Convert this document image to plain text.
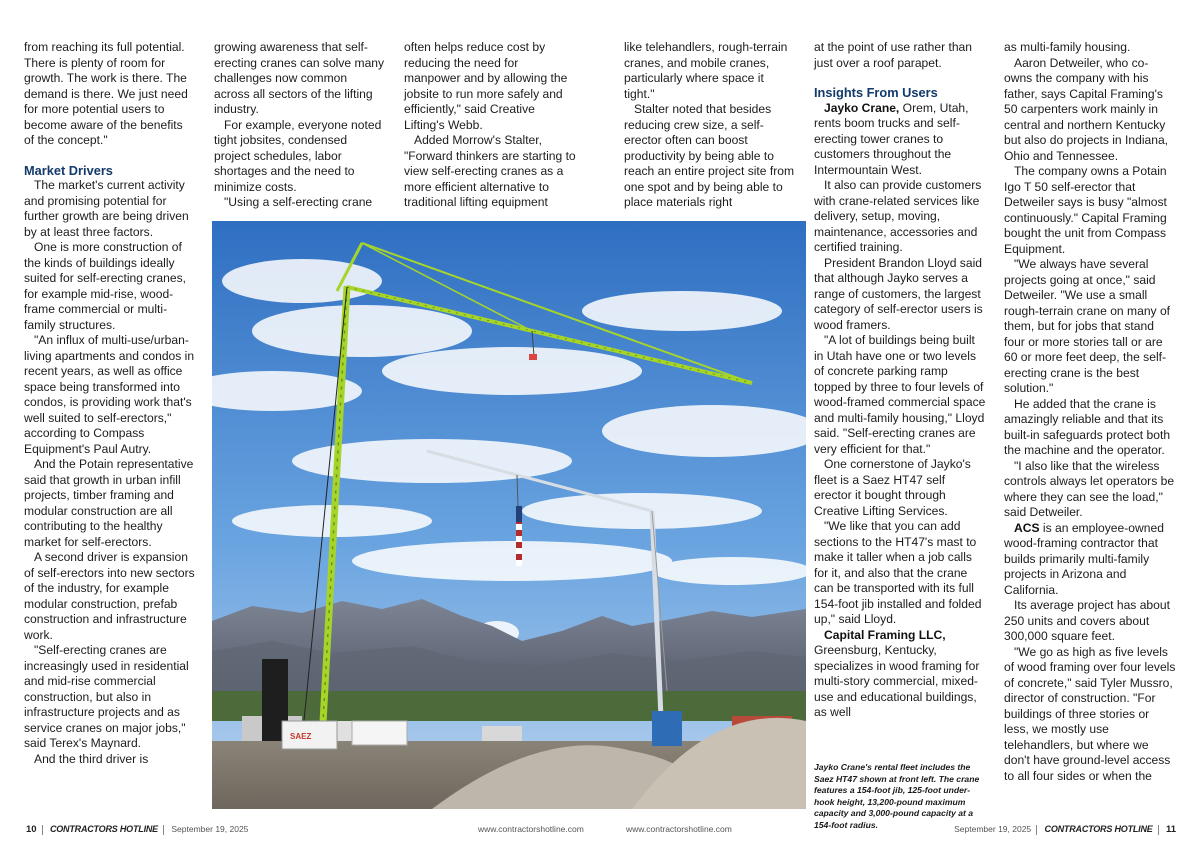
from reaching its full potential. There is plenty of room for growth. The work is there. The demand is there. We just need for more potential users to become aware of the benefits of the concept."

Market Drivers

The market's current activity and promising potential for further growth are being driven by at least three factors.

One is more construction of the kinds of buildings ideally suited for self-erecting cranes, for example mid-rise, wood-frame commercial or multi-family structures.

"An influx of multi-use/urban-living apartments and condos in recent years, as well as office space being transformed into condos, is providing work that's well suited to self-erectors," according to Compass Equipment's Paul Autry.

And the Potain representative said that growth in urban infill projects, timber framing and modular construction are all contributing to the healthy market for self-erectors.

A second driver is expansion of self-erectors into new sectors of the industry, for example modular construction, prefab construction and infrastructure work.

"Self-erecting cranes are increasingly used in residential and mid-rise commercial construction, but also in infrastructure projects and as service cranes on major jobs," said Terex's Maynard.

And the third driver is

growing awareness that self-erecting cranes can solve many challenges now common across all sectors of the lifting industry.

For example, everyone noted tight jobsites, condensed project schedules, labor shortages and the need to minimize costs.

"Using a self-erecting crane

often helps reduce cost by reducing the need for manpower and by allowing the jobsite to run more safely and efficiently," said Creative Lifting's Webb.

Added Morrow's Stalter, "Forward thinkers are starting to view self-erecting cranes as a more efficient alternative to traditional lifting equipment

like telehandlers, rough-terrain cranes, and mobile cranes, particularly where space it tight."

Stalter noted that besides reducing crew size, a self-erector often can boost productivity by being able to reach an entire project site from one spot and by being able to place materials right

at the point of use rather than just over a roof parapet.

Insights From Users

Jayko Crane, Orem, Utah, rents boom trucks and self-erecting tower cranes to customers throughout the Intermountain West.

It also can provide customers with crane-related services like delivery, setup, moving, maintenance, accessories and certified training.

President Brandon Lloyd said that although Jayko serves a range of customers, the largest category of self-erector users is wood framers.

"A lot of buildings being built in Utah have one or two levels of concrete parking ramp topped by three to four levels of wood-framed commercial space and multi-family housing," Lloyd said. "Self-erecting cranes are very efficient for that."

One cornerstone of Jayko's fleet is a Saez HT47 self erector it bought through Creative Lifting Services.

"We like that you can add sections to the HT47's mast to make it taller when a job calls for it, and also that the crane can be transported with its full 154-foot jib installed and folded up," said Lloyd.

Capital Framing LLC, Greensburg, Kentucky, specializes in wood framing for multi-story commercial, mixed-use and educational buildings, as well

as multi-family housing.

Aaron Detweiler, who co-owns the company with his father, says Capital Framing's 50 carpenters work mainly in central and northern Kentucky but also do projects in Indiana, Ohio and Tennessee.

The company owns a Potain Igo T 50 self-erector that Detweiler says is busy "almost continuously." Capital Framing bought the unit from Compass Equipment.

"We always have several projects going at once," said Detweiler. "We use a small rough-terrain crane on many of them, but for jobs that stand four or more stories tall or are 60 or more feet deep, the self-erecting crane is the best solution."

He added that the crane is amazingly reliable and that its built-in safeguards protect both the machine and the operator.

"I also like that the wireless controls always let operators be where they can see the load," said Detweiler.

ACS is an employee-owned wood-framing contractor that builds primarily multi-family projects in Arizona and California.

Its average project has about 250 units and covers about 300,000 square feet.

"We go as high as five levels of wood framing over four levels of concrete," said Tyler Mussro, director of construction. "For buildings of three stories or less, we mostly use telehandlers, but where we don't have ground-level access to all four sides or when the

SAEZ
Jayko Crane's rental fleet includes the Saez HT47 shown at front left. The crane features a 154-foot jib, 125-foot under-hook height, 13,200-pound maximum capacity and 3,000-pound capacity at a 154-foot radius.
10 CONTRACTORS HOTLINE September 19, 2025	www.contractorshotline.com	www.contractorshotline.com	September 19, 2025 CONTRACTORS HOTLINE 11
